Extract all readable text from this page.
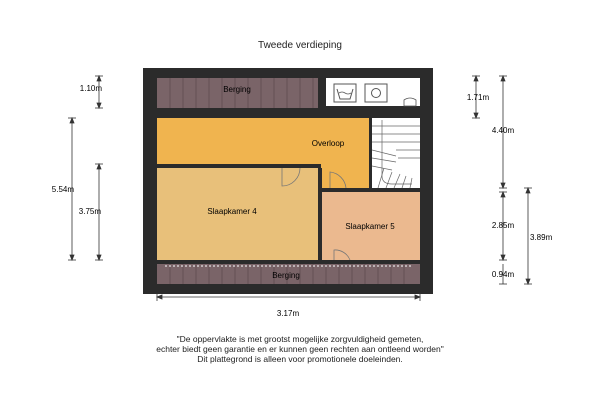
Tweede verdieping
Berging
Overloop
Slaapkamer 4
Slaapkamer 5
Berging
1.10m
5.54m
3.75m
3.17m
1.71m
4.40m
2.85m
3.89m
0.94m
"De oppervlakte is met grootst mogelijke zorgvuldigheid gemeten,
echter biedt geen garantie en er kunnen geen rechten aan ontleend worden"
Dit plattegrond is alleen voor promotionele doeleinden.
